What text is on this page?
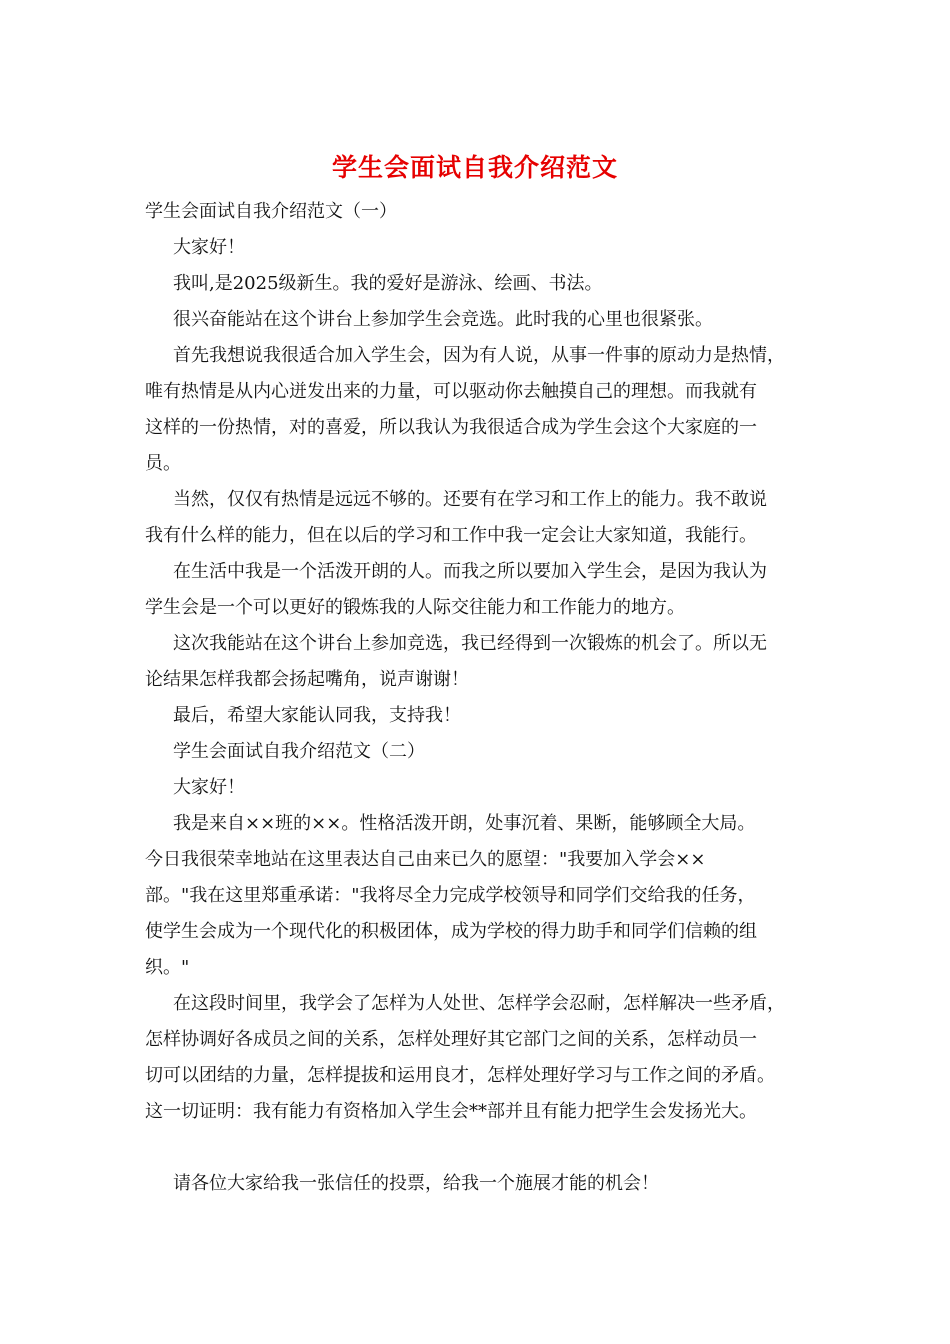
学生会面试自我介绍范文

学生会面试自我介绍范文（一）

大家好！

我叫,是2025级新生。我的爱好是游泳、绘画、书法。

很兴奋能站在这个讲台上参加学生会竞选。此时我的心里也很紧张。

首先我想说我很适合加入学生会，因为有人说，从事一件事的原动力是热情，

唯有热情是从内心迸发出来的力量，可以驱动你去触摸自己的理想。而我就有

这样的一份热情，对的喜爱，所以我认为我很适合成为学生会这个大家庭的一

员。

当然，仅仅有热情是远远不够的。还要有在学习和工作上的能力。我不敢说

我有什么样的能力，但在以后的学习和工作中我一定会让大家知道，我能行。

在生活中我是一个活泼开朗的人。而我之所以要加入学生会，是因为我认为

学生会是一个可以更好的锻炼我的人际交往能力和工作能力的地方。

这次我能站在这个讲台上参加竞选，我已经得到一次锻炼的机会了。所以无

论结果怎样我都会扬起嘴角，说声谢谢！

最后，希望大家能认同我，支持我！

学生会面试自我介绍范文（二）

大家好！

我是来自××班的××。性格活泼开朗，处事沉着、果断，能够顾全大局。

今日我很荣幸地站在这里表达自己由来已久的愿望："我要加入学会××

部。"我在这里郑重承诺："我将尽全力完成学校领导和同学们交给我的任务，

使学生会成为一个现代化的积极团体，成为学校的得力助手和同学们信赖的组

织。"

在这段时间里，我学会了怎样为人处世、怎样学会忍耐，怎样解决一些矛盾，

怎样协调好各成员之间的关系，怎样处理好其它部门之间的关系，怎样动员一

切可以团结的力量，怎样提拔和运用良才，怎样处理好学习与工作之间的矛盾。

这一切证明：我有能力有资格加入学生会**部并且有能力把学生会发扬光大。

请各位大家给我一张信任的投票，给我一个施展才能的机会！
